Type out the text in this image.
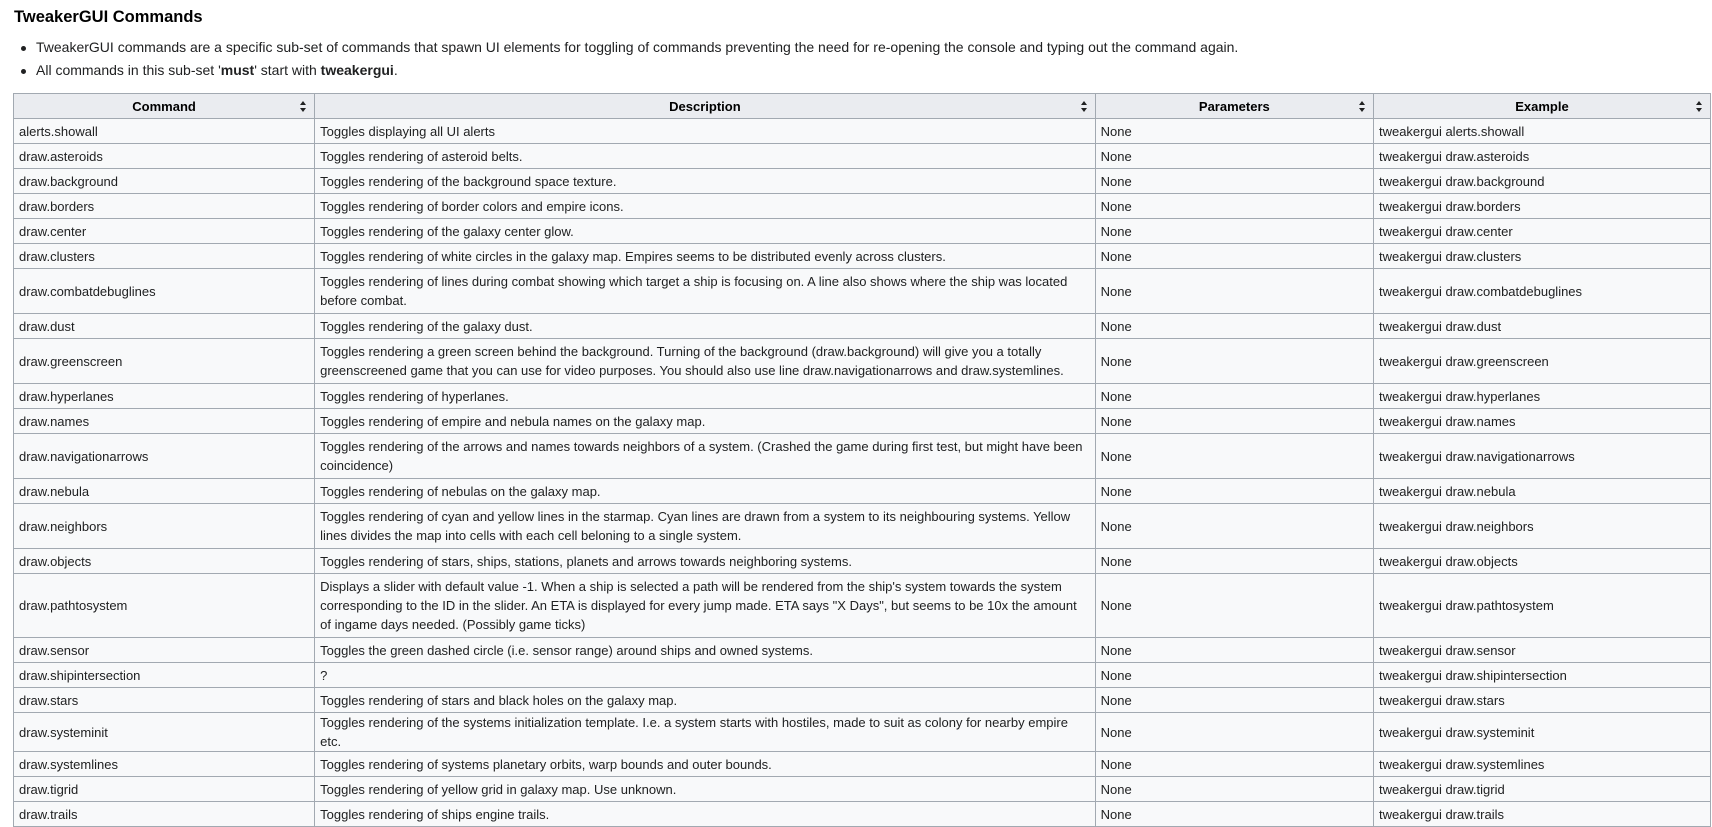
TweakerGUI Commands
TweakerGUI commands are a specific sub-set of commands that spawn UI elements for toggling of commands preventing the need for re-opening the console and typing out the command again.
All commands in this sub-set 'must' start with tweakergui.
Command	Description	Parameters	Example

alerts.showall	Toggles displaying all UI alerts	None	tweakergui alerts.showall
draw.asteroids	Toggles rendering of asteroid belts.	None	tweakergui draw.asteroids
draw.background	Toggles rendering of the background space texture.	None	tweakergui draw.background
draw.borders	Toggles rendering of border colors and empire icons.	None	tweakergui draw.borders
draw.center	Toggles rendering of the galaxy center glow.	None	tweakergui draw.center
draw.clusters	Toggles rendering of white circles in the galaxy map. Empires seems to be distributed evenly across clusters.	None	tweakergui draw.clusters
draw.combatdebuglines	Toggles rendering of lines during combat showing which target a ship is focusing on. A line also shows where the ship was located before combat.	None	tweakergui draw.combatdebuglines
draw.dust	Toggles rendering of the galaxy dust.	None	tweakergui draw.dust
draw.greenscreen	Toggles rendering a green screen behind the background. Turning of the background (draw.background) will give you a totally greenscreened game that you can use for video purposes. You should also use line draw.navigationarrows and draw.systemlines.	None	tweakergui draw.greenscreen
draw.hyperlanes	Toggles rendering of hyperlanes.	None	tweakergui draw.hyperlanes
draw.names	Toggles rendering of empire and nebula names on the galaxy map.	None	tweakergui draw.names
draw.navigationarrows	Toggles rendering of the arrows and names towards neighbors of a system. (Crashed the game during first test, but might have been coincidence)	None	tweakergui draw.navigationarrows
draw.nebula	Toggles rendering of nebulas on the galaxy map.	None	tweakergui draw.nebula
draw.neighbors	Toggles rendering of cyan and yellow lines in the starmap. Cyan lines are drawn from a system to its neighbouring systems. Yellow lines divides the map into cells with each cell beloning to a single system.	None	tweakergui draw.neighbors
draw.objects	Toggles rendering of stars, ships, stations, planets and arrows towards neighboring systems.	None	tweakergui draw.objects
draw.pathtosystem	Displays a slider with default value -1. When a ship is selected a path will be rendered from the ship's system towards the system corresponding to the ID in the slider. An ETA is displayed for every jump made. ETA says "X Days", but seems to be 10x the amount of ingame days needed. (Possibly game ticks)	None	tweakergui draw.pathtosystem
draw.sensor	Toggles the green dashed circle (i.e. sensor range) around ships and owned systems.	None	tweakergui draw.sensor
draw.shipintersection	?	None	tweakergui draw.shipintersection
draw.stars	Toggles rendering of stars and black holes on the galaxy map.	None	tweakergui draw.stars
draw.systeminit	Toggles rendering of the systems initialization template. I.e. a system starts with hostiles, made to suit as colony for nearby empire etc.	None	tweakergui draw.systeminit
draw.systemlines	Toggles rendering of systems planetary orbits, warp bounds and outer bounds.	None	tweakergui draw.systemlines
draw.tigrid	Toggles rendering of yellow grid in galaxy map. Use unknown.	None	tweakergui draw.tigrid
draw.trails	Toggles rendering of ships engine trails.	None	tweakergui draw.trails
